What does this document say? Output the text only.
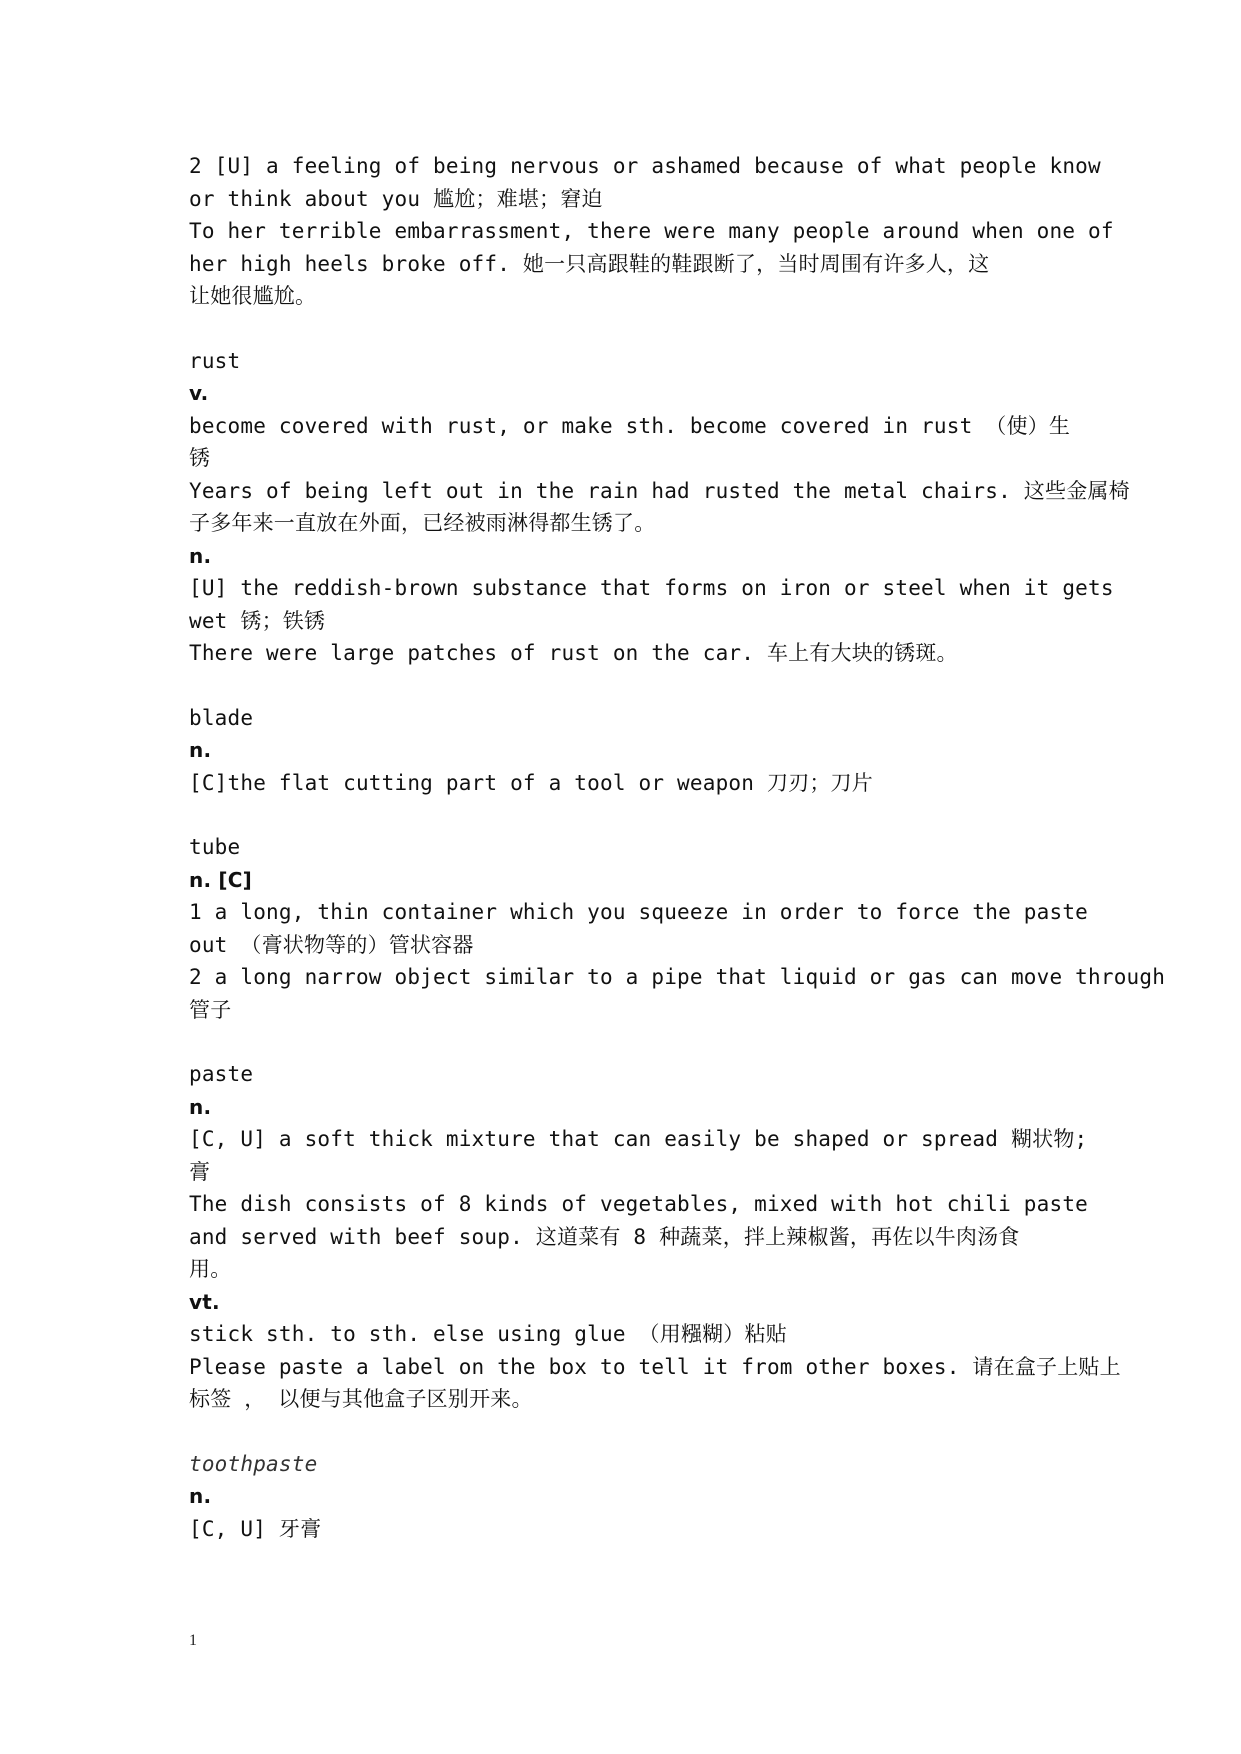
2 [U] a feeling of being nervous or ashamed because of what people know
or think about you 尴尬；难堪；窘迫
To her terrible embarrassment, there were many people around when one of
her high heels broke off. 她一只高跟鞋的鞋跟断了，当时周围有许多人，这
让她很尴尬。
rust
v.
become covered with rust, or make sth. become covered in rust （使）生
锈
Years of being left out in the rain had rusted the metal chairs. 这些金属椅
子多年来一直放在外面，已经被雨淋得都生锈了。
n.
[U] the reddish-brown substance that forms on iron or steel when it gets
wet 锈；铁锈
There were large patches of rust on the car. 车上有大块的锈斑。
blade
n.
[C]the flat cutting part of a tool or weapon 刀刃；刀片
tube
n. [C]
1 a long, thin container which you squeeze in order to force the paste
out （膏状物等的）管状容器
2 a long narrow object similar to a pipe that liquid or gas can move through
管子
paste
n.
[C, U] a soft thick mixture that can easily be shaped or spread 糊状物;
膏
The dish consists of 8 kinds of vegetables, mixed with hot chili paste
and served with beef soup. 这道菜有 8 种蔬菜，拌上辣椒酱，再佐以牛肉汤食
用。
vt.
stick sth. to sth. else using glue （用糨糊）粘贴
Please paste a label on the box to tell it from other boxes. 请在盒子上贴上
标签 ， 以便与其他盒子区别开来。
toothpaste
n.
[C, U] 牙膏
1
